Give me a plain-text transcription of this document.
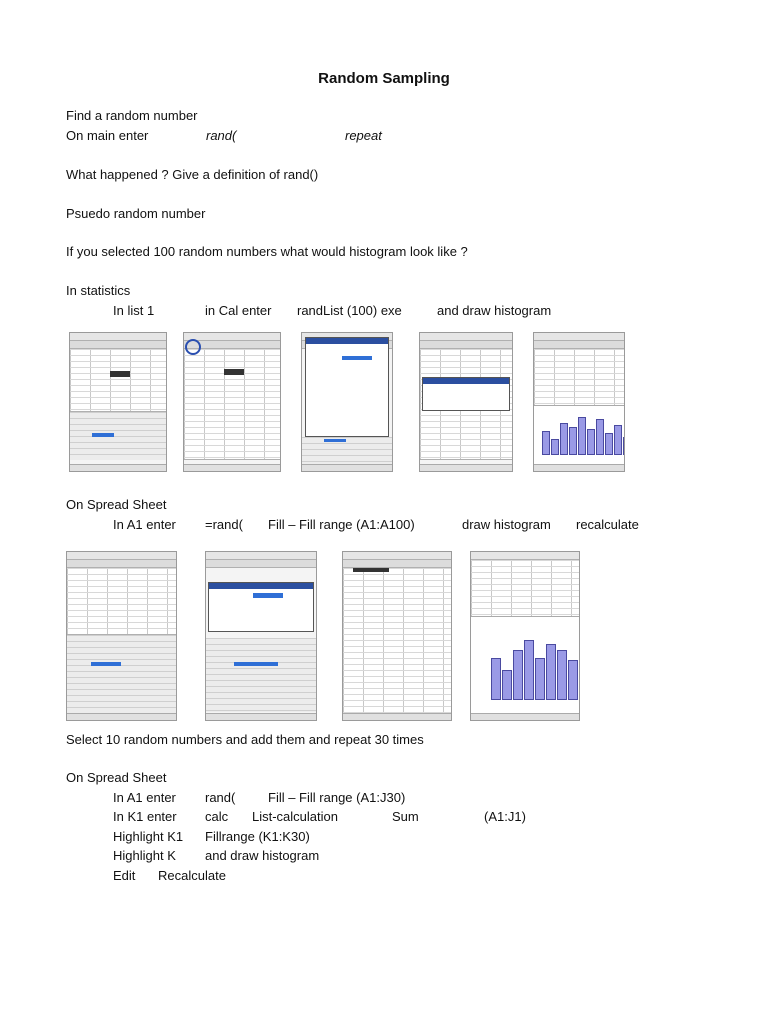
Random Sampling
Find a random number
On main enter	rand(	repeat
What happened ? Give a definition of rand()
Psuedo random number
If you selected 100 random numbers what would histogram look like ?
In statistics
In list 1	in Cal enter randList (100) exe	and draw histogram
On Spread Sheet
In A1 enter =rand( Fill – Fill range (A1:A100)	draw histogram recalculate
Select 10 random numbers and add them and repeat 30 times
On Spread Sheet
In A1 enter rand(	Fill – Fill range (A1:J30)
In K1 enter calc List-calculation	Sum	(A1:J1)
Highlight K1 Fillrange (K1:K30)
Highlight K and draw histogram
Edit Recalculate
